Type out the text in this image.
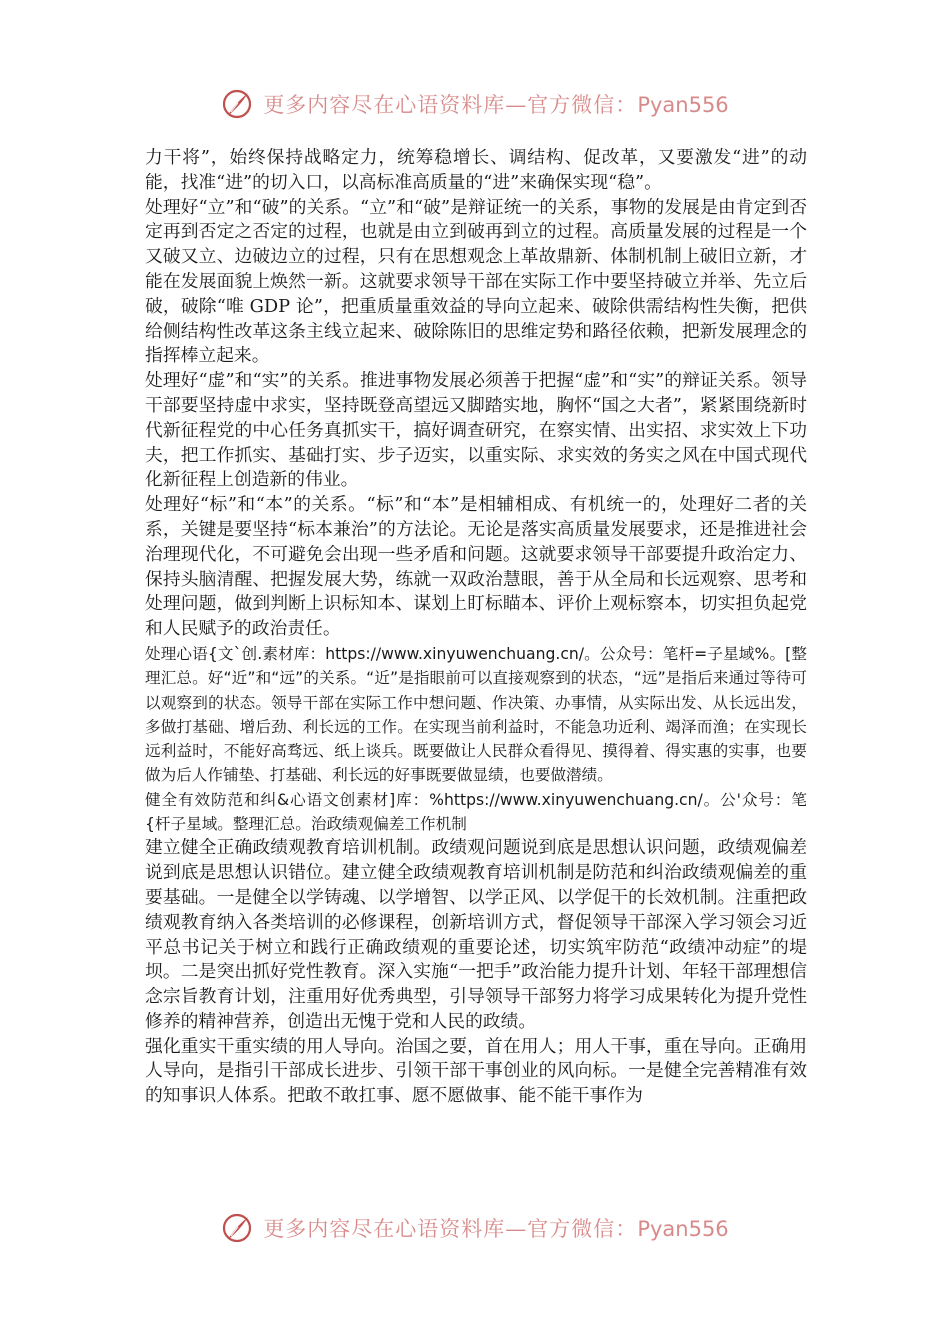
更多内容尽在心语资料库—官方微信：Pyan556

力干将”，始终保持战略定力，统筹稳增长、调结构、促改革，又要激发“进”的动能，找准“进”的切入口，以高标准高质量的“进”来确保实现“稳”。

处理好“立”和“破”的关系。“立”和“破”是辩证统一的关系，事物的发展是由肯定到否定再到否定之否定的过程，也就是由立到破再到立的过程。高质量发展的过程是一个又破又立、边破边立的过程，只有在思想观念上革故鼎新、体制机制上破旧立新，才能在发展面貌上焕然一新。这就要求领导干部在实际工作中要坚持破立并举、先立后破，破除“唯 GDP 论”，把重质量重效益的导向立起来、破除供需结构性失衡，把供给侧结构性改革这条主线立起来、破除陈旧的思维定势和路径依赖，把新发展理念的指挥棒立起来。

处理好“虚”和“实”的关系。推进事物发展必须善于把握“虚”和“实”的辩证关系。领导干部要坚持虚中求实，坚持既登高望远又脚踏实地，胸怀“国之大者”，紧紧围绕新时代新征程党的中心任务真抓实干，搞好调查研究，在察实情、出实招、求实效上下功夫，把工作抓实、基础打实、步子迈实，以重实际、求实效的务实之风在中国式现代化新征程上创造新的伟业。

处理好“标”和“本”的关系。“标”和“本”是相辅相成、有机统一的，处理好二者的关系，关键是要坚持“标本兼治”的方法论。无论是落实高质量发展要求，还是推进社会治理现代化，不可避免会出现一些矛盾和问题。这就要求领导干部要提升政治定力、保持头脑清醒、把握发展大势，练就一双政治慧眼，善于从全局和长远观察、思考和处理问题，做到判断上识标知本、谋划上盯标瞄本、评价上观标察本，切实担负起党和人民赋予的政治责任。

处理心语{文`创.素材库：https://www.xinyuwenchuang.cn/。公众号：笔杆=子星域%。[整理汇总。好“近”和“远”的关系。“近”是指眼前可以直接观察到的状态，“远”是指后来通过等待可以观察到的状态。领导干部在实际工作中想问题、作决策、办事情，从实际出发、从长远出发，多做打基础、增后劲、利长远的工作。在实现当前利益时，不能急功近利、竭泽而渔；在实现长远利益时，不能好高骛远、纸上谈兵。既要做让人民群众看得见、摸得着、得实惠的实事，也要做为后人作铺垫、打基础、利长远的好事既要做显绩，也要做潜绩。

健全有效防范和纠&心语文创素材]库：%https://www.xinyuwenchuang.cn/。公'众号：笔{杆子星域。整理汇总。治政绩观偏差工作机制

建立健全正确政绩观教育培训机制。政绩观问题说到底是思想认识问题，政绩观偏差说到底是思想认识错位。建立健全政绩观教育培训机制是防范和纠治政绩观偏差的重要基础。一是健全以学铸魂、以学增智、以学正风、以学促干的长效机制。注重把政绩观教育纳入各类培训的必修课程，创新培训方式，督促领导干部深入学习领会习近平总书记关于树立和践行正确政绩观的重要论述，切实筑牢防范“政绩冲动症”的堤坝。二是突出抓好党性教育。深入实施“一把手”政治能力提升计划、年轻干部理想信念宗旨教育计划，注重用好优秀典型，引导领导干部努力将学习成果转化为提升党性修养的精神营养，创造出无愧于党和人民的政绩。

强化重实干重实绩的用人导向。治国之要，首在用人；用人干事，重在导向。正确用人导向，是指引干部成长进步、引领干部干事创业的风向标。一是健全完善精准有效的知事识人体系。把敢不敢扛事、愿不愿做事、能不能干事作为

更多内容尽在心语资料库—官方微信：Pyan556
